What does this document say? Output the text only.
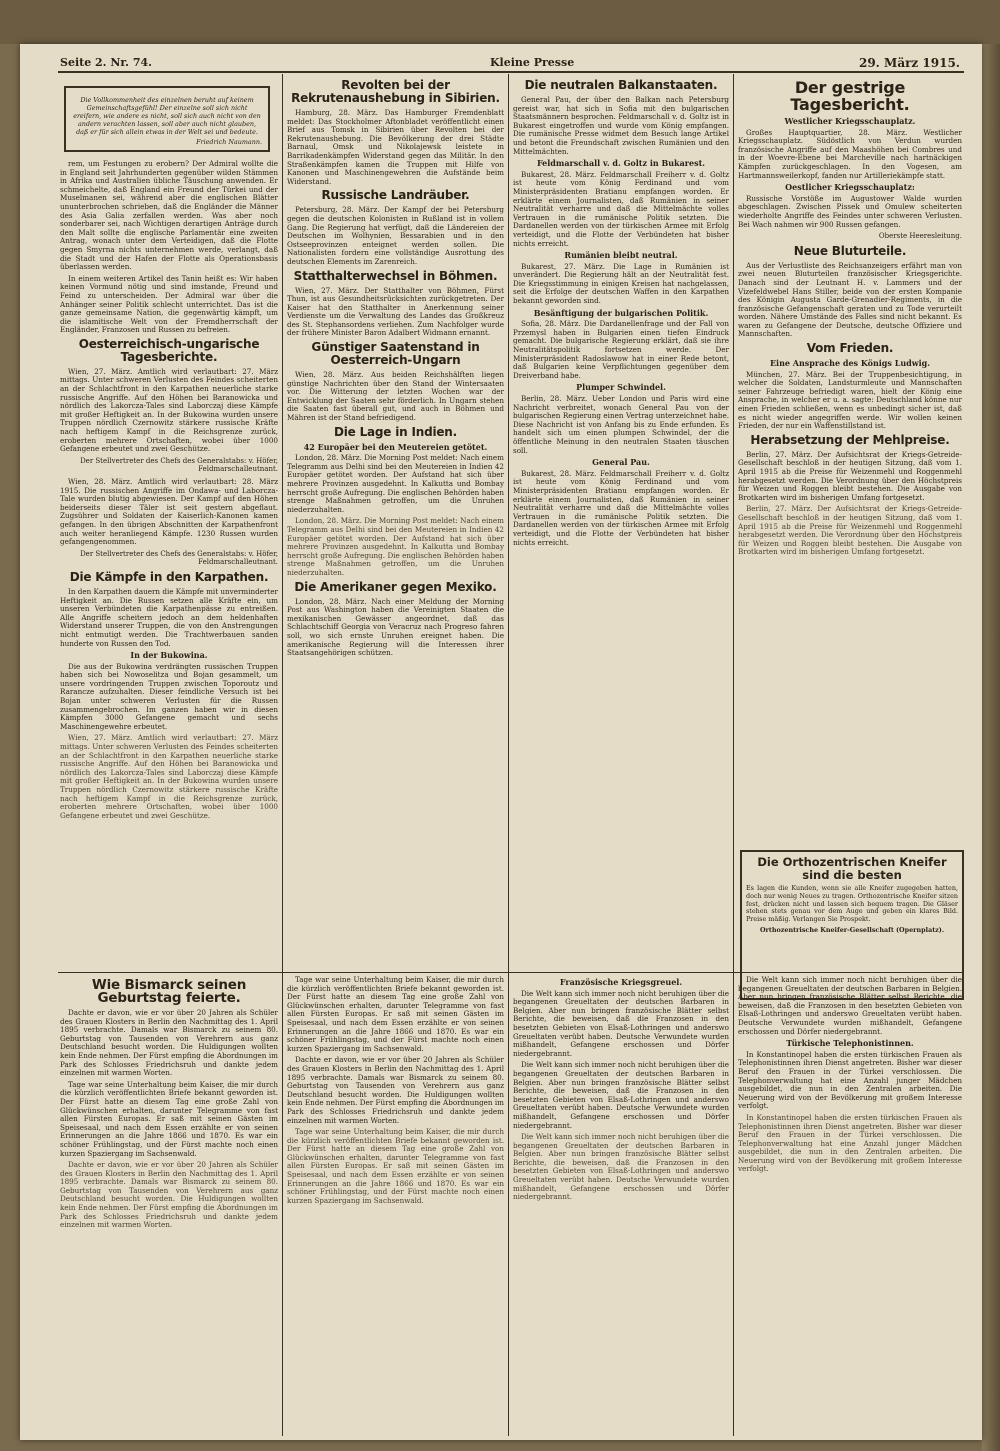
Seite 2. Nr. 74.	Kleine Presse	29. März 1915.
Die Vollkommenheit des einzelnen beruht auf keinem Gemeinschaftsgefühl! Der einzelne soll sich nicht ereifern, wie andere es nicht, soll sich auch nicht von den andern verachten lassen, soll aber auch nicht glauben, daß er für sich allein etwas in der Welt sei und bedeute.
Friedrich Naumann.

rem, um Festungen zu erobern? Der Admiral wollte die in England seit Jahrhunderten gegenüber wilden Stämmen in Afrika und Australien übliche Täuschung anwenden. Er schmeichelte, daß England ein Freund der Türkei und der Muselmanen sei, während aber die englischen Blätter ununterbrochen schrieben, daß die Engländer die Männer des Asia Galia zerfallen werden. Was aber noch sonderbarer sei, nach Wichtigen derartigen Anträge durch den Malt sollte die englische Parlamentär eine zweiten Antrag, wonach unter dem Verteidigen, daß die Flotte gegen Smyrna nichts unternehmen werde, verlangt, daß die Stadt und der Hafen der Flotte als Operationsbasis überlassen werden.

In einem weiteren Artikel des Tanin heißt es: Wir haben keinen Vormund nötig und sind imstande, Freund und Feind zu unterscheiden. Der Admiral war über die Anhänger seiner Politik schlecht unterrichtet. Das ist die ganze gemeinsame Nation, die gegenwärtig kämpft, um die islamitische Welt von der Fremdherrschaft der Engländer, Franzosen und Russen zu befreien.

Oesterreichisch-ungarische Tagesberichte.

Wien, 27. März. Amtlich wird verlautbart: 27. März mittags. Unter schweren Verlusten des Feindes scheiterten an der Schlachtfront in den Karpathen neuerliche starke russische Angriffe. Auf den Höhen bei Baranowicka und nördlich des Lakorcza-Tales sind Laborczaj diese Kämpfe mit großer Heftigkeit an. In der Bukowina wurden unsere Truppen nördlich Czernowitz stärkere russische Kräfte nach heftigem Kampf in die Reichsgrenze zurück, eroberten mehrere Ortschaften, wobei über 1000 Gefangene erbeutet und zwei Geschütze.

Der Stellvertreter des Chefs des Generalstabs: v. Höfer, Feldmarschalleutnant.

Wien, 28. März. Amtlich wird verlautbart: 28. März 1915. Die russischen Angriffe im Ondawa- und Laborcza-Tale wurden blutig abgewiesen. Der Kampf auf den Höhen beiderseits dieser Täler ist seit gestern abgeflaut. Zugsührer und Soldaten der Kaiserlich-Kanonen kamen gefangen. In den übrigen Abschnitten der Karpathenfront auch weiter heranliegend Kämpfe. 1230 Russen wurden gefangengenommen.

Der Stellvertreter des Chefs des Generalstabs: v. Höfer, Feldmarschalleutnant.
Die Kämpfe in den Karpathen.

In den Karpathen dauern die Kämpfe mit unverminderter Heftigkeit an. Die Russen setzen alle Kräfte ein, um unseren Verbündeten die Karpathenpässe zu entreißen. Alle Angriffe scheitern jedoch an dem heldenhaften Widerstand unserer Truppen, die von den Anstrengungen nicht entmutigt werden. Die Trachtwerbauen sanden hunderte von Russen den Tod.

In der Bukowina.

Die aus der Bukowina verdrängten russischen Truppen haben sich bei Nowoselitza und Bojan gesammelt, um unsere vordringenden Truppen zwischen Toporoutz und Rarancze aufzuhalten. Dieser feindliche Versuch ist bei Bojan unter schweren Verlusten für die Russen zusammengebrochen. Im ganzen haben wir in diesen Kämpfen 3000 Gefangene gemacht und sechs Maschinengewehre erbeutet.

Wien, 27. März. Amtlich wird verlautbart: 27. März mittags. Unter schweren Verlusten des Feindes scheiterten an der Schlachtfront in den Karpathen neuerliche starke russische Angriffe. Auf den Höhen bei Baranowicka und nördlich des Lakorcza-Tales sind Laborczaj diese Kämpfe mit großer Heftigkeit an. In der Bukowina wurden unsere Truppen nördlich Czernowitz stärkere russische Kräfte nach heftigem Kampf in die Reichsgrenze zurück, eroberten mehrere Ortschaften, wobei über 1000 Gefangene erbeutet und zwei Geschütze.

Revolten bei der Rekrutenaushebung in Sibirien.

Hamburg, 28. März. Das Hamburger Fremdenblatt meldet: Das Stockholmer Aftonbladet veröffentlicht einen Brief aus Tomsk in Sibirien über Revolten bei der Rekrutenaushebung. Die Bevölkerung der drei Städte Barnaul, Omsk und Nikolajewsk leistete in Barrikadenkämpfen Widerstand gegen das Militär. In den Straßenkämpfen kamen die Truppen mit Hilfe von Kanonen und Maschinengewehren die Aufstände beim Widerstand.

Russische Landräuber.

Petersburg, 28. März. Der Kampf der bei Petersburg gegen die deutschen Kolonisten in Rußland ist in vollem Gang. Die Regierung hat verfügt, daß die Ländereien der Deutschen im Wolhynien, Bessarabien und in den Ostseeprovinzen enteignet werden sollen. Die Nationalisten fordern eine vollständige Ausrottung des deutschen Elements im Zarenreich.

Statthalterwechsel in Böhmen.

Wien, 27. März. Der Statthalter von Böhmen, Fürst Thun, ist aus Gesundheitsrücksichten zurückgetreten. Der Kaiser hat den Statthalter in Anerkennung seiner Verdienste um die Verwaltung des Landes das Großkreuz des St. Stephansordens verliehen. Zum Nachfolger wurde der frühere Minister Baron Adalbert Widmann ernannt.

Günstiger Saatenstand in Oesterreich-Ungarn

Wien, 28. März. Aus beiden Reichshälften liegen günstige Nachrichten über den Stand der Wintersaaten vor. Die Witterung der letzten Wochen war der Entwicklung der Saaten sehr förderlich. In Ungarn stehen die Saaten fast überall gut, und auch in Böhmen und Mähren ist der Stand befriedigend.

Die Lage in Indien.
42 Europäer bei den Meutereien getötet.

London, 28. März. Die Morning Post meldet: Nach einem Telegramm aus Delhi sind bei den Meutereien in Indien 42 Europäer getötet worden. Der Aufstand hat sich über mehrere Provinzen ausgedehnt. In Kalkutta und Bombay herrscht große Aufregung. Die englischen Behörden haben strenge Maßnahmen getroffen, um die Unruhen niederzuhalten.

London, 28. März. Die Morning Post meldet: Nach einem Telegramm aus Delhi sind bei den Meutereien in Indien 42 Europäer getötet worden. Der Aufstand hat sich über mehrere Provinzen ausgedehnt. In Kalkutta und Bombay herrscht große Aufregung. Die englischen Behörden haben strenge Maßnahmen getroffen, um die Unruhen niederzuhalten.

Die Amerikaner gegen Mexiko.

London, 28. März. Nach einer Meldung der Morning Post aus Washington haben die Vereinigten Staaten die mexikanischen Gewässer angeordnet, daß das Schlachtschiff Georgia von Veracruz nach Progreso fahren soll, wo sich ernste Unruhen ereignet haben. Die amerikanische Regierung will die Interessen ihrer Staatsangehörigen schützen.

Die neutralen Balkanstaaten.

General Pau, der über den Balkan nach Petersburg gereist war, hat sich in Sofia mit den bulgarischen Staatsmännern besprochen. Feldmarschall v. d. Goltz ist in Bukarest eingetroffen und wurde vom König empfangen. Die rumänische Presse widmet dem Besuch lange Artikel und betont die Freundschaft zwischen Rumänien und den Mittelmächten.

Feldmarschall v. d. Goltz in Bukarest.

Bukarest, 28. März. Feldmarschall Freiherr v. d. Goltz ist heute vom König Ferdinand und vom Ministerpräsidenten Bratianu empfangen worden. Er erklärte einem Journalisten, daß Rumänien in seiner Neutralität verharre und daß die Mittelmächte volles Vertrauen in die rumänische Politik setzten. Die Dardanellen werden von der türkischen Armee mit Erfolg verteidigt, und die Flotte der Verbündeten hat bisher nichts erreicht.

Rumänien bleibt neutral.

Bukarest, 27. März. Die Lage in Rumänien ist unverändert. Die Regierung hält an der Neutralität fest. Die Kriegsstimmung in einigen Kreisen hat nachgelassen, seit die Erfolge der deutschen Waffen in den Karpathen bekannt geworden sind.

Besänftigung der bulgarischen Politik.

Sofia, 28. März. Die Dardanellenfrage und der Fall von Przemysl haben in Bulgarien einen tiefen Eindruck gemacht. Die bulgarische Regierung erklärt, daß sie ihre Neutralitätspolitik fortsetzen werde. Der Ministerpräsident Radoslawow hat in einer Rede betont, daß Bulgarien keine Verpflichtungen gegenüber dem Dreiverband habe.

Plumper Schwindel.

Berlin, 28. März. Ueber London und Paris wird eine Nachricht verbreitet, wonach General Pau von der bulgarischen Regierung einen Vertrag unterzeichnet habe. Diese Nachricht ist von Anfang bis zu Ende erfunden. Es handelt sich um einen plumpen Schwindel, der die öffentliche Meinung in den neutralen Staaten täuschen soll.

General Pau.

Bukarest, 28. März. Feldmarschall Freiherr v. d. Goltz ist heute vom König Ferdinand und vom Ministerpräsidenten Bratianu empfangen worden. Er erklärte einem Journalisten, daß Rumänien in seiner Neutralität verharre und daß die Mittelmächte volles Vertrauen in die rumänische Politik setzten. Die Dardanellen werden von der türkischen Armee mit Erfolg verteidigt, und die Flotte der Verbündeten hat bisher nichts erreicht.

Der gestrige Tagesbericht.
Westlicher Kriegsschauplatz.

Großes Hauptquartier, 28. März. Westlicher Kriegsschauplatz. Südöstlich von Verdun wurden französische Angriffe auf den Maashöhen bei Combres und in der Woevre-Ebene bei Marcheville nach hartnäckigen Kämpfen zurückgeschlagen. In den Vogesen, am Hartmannsweilerkopf, fanden nur Artilleriekämpfe statt.

Oestlicher Kriegsschauplatz:

Russische Vorstöße im Augustower Walde wurden abgeschlagen. Zwischen Pissek und Omulew scheiterten wiederholte Angriffe des Feindes unter schweren Verlusten. Bei Wach nahmen wir 900 Russen gefangen.

Oberste Heeresleitung.
Neue Bluturteile.

Aus der Verlustliste des Reichsanzeigers erfährt man von zwei neuen Bluturteilen französischer Kriegsgerichte. Danach sind der Leutnant H. v. Lammers und der Vizefeldwebel Hans Stiller, beide von der ersten Kompanie des Königin Augusta Garde-Grenadier-Regiments, in die französische Gefangenschaft geraten und zu Tode verurteilt worden. Nähere Umstände des Falles sind nicht bekannt. Es waren zu Gefangene der Deutsche, deutsche Offiziere und Mannschaften.

Vom Frieden.
Eine Ansprache des Königs Ludwig.

München, 27. März. Bei der Truppenbesichtigung, in welcher die Soldaten, Landsturmleute und Mannschaften seiner Fahrzeuge befriedigt waren, hielt der König eine Ansprache, in welcher er u. a. sagte: Deutschland könne nur einen Frieden schließen, wenn es unbedingt sicher ist, daß es nicht wieder angegriffen werde. Wir wollen keinen Frieden, der nur ein Waffenstillstand ist.

Herabsetzung der Mehlpreise.

Berlin, 27. März. Der Aufsichtsrat der Kriegs-Getreide-Gesellschaft beschloß in der heutigen Sitzung, daß vom 1. April 1915 ab die Preise für Weizenmehl und Roggenmehl herabgesetzt werden. Die Verordnung über den Höchstpreis für Weizen und Roggen bleibt bestehen. Die Ausgabe von Brotkarten wird im bisherigen Umfang fortgesetzt.

Berlin, 27. März. Der Aufsichtsrat der Kriegs-Getreide-Gesellschaft beschloß in der heutigen Sitzung, daß vom 1. April 1915 ab die Preise für Weizenmehl und Roggenmehl herabgesetzt werden. Die Verordnung über den Höchstpreis für Weizen und Roggen bleibt bestehen. Die Ausgabe von Brotkarten wird im bisherigen Umfang fortgesetzt.

Die Orthozentrischen Kneifer sind die besten
Es lagen die Kunden, wenn sie alle Kneifer zugegeben hatten, doch nur wenig Neues zu tragen. Orthozentrische Kneifer sitzen fest, drücken nicht und lassen sich bequem tragen. Die Gläser stehen stets genau vor dem Auge und geben ein klares Bild. Preise mäßig. Verlangen Sie Prospekt.
Orthozentrische Kneifer-Gesellschaft (Opernplatz).
Wie Bismarck seinen Geburtstag feierte.

Dachte er davon, wie er vor über 20 Jahren als Schüler des Grauen Klosters in Berlin den Nachmittag des 1. April 1895 verbrachte. Damals war Bismarck zu seinem 80. Geburtstag von Tausenden von Verehrern aus ganz Deutschland besucht worden. Die Huldigungen wollten kein Ende nehmen. Der Fürst empfing die Abordnungen im Park des Schlosses Friedrichsruh und dankte jedem einzelnen mit warmen Worten.

Tage war seine Unterhaltung beim Kaiser, die mir durch die kürzlich veröffentlichten Briefe bekannt geworden ist. Der Fürst hatte an diesem Tag eine große Zahl von Glückwünschen erhalten, darunter Telegramme von fast allen Fürsten Europas. Er saß mit seinen Gästen im Speisesaal, und nach dem Essen erzählte er von seinen Erinnerungen an die Jahre 1866 und 1870. Es war ein schöner Frühlingstag, und der Fürst machte noch einen kurzen Spaziergang im Sachsenwald.

Dachte er davon, wie er vor über 20 Jahren als Schüler des Grauen Klosters in Berlin den Nachmittag des 1. April 1895 verbrachte. Damals war Bismarck zu seinem 80. Geburtstag von Tausenden von Verehrern aus ganz Deutschland besucht worden. Die Huldigungen wollten kein Ende nehmen. Der Fürst empfing die Abordnungen im Park des Schlosses Friedrichsruh und dankte jedem einzelnen mit warmen Worten.

Tage war seine Unterhaltung beim Kaiser, die mir durch die kürzlich veröffentlichten Briefe bekannt geworden ist. Der Fürst hatte an diesem Tag eine große Zahl von Glückwünschen erhalten, darunter Telegramme von fast allen Fürsten Europas. Er saß mit seinen Gästen im Speisesaal, und nach dem Essen erzählte er von seinen Erinnerungen an die Jahre 1866 und 1870. Es war ein schöner Frühlingstag, und der Fürst machte noch einen kurzen Spaziergang im Sachsenwald.

Dachte er davon, wie er vor über 20 Jahren als Schüler des Grauen Klosters in Berlin den Nachmittag des 1. April 1895 verbrachte. Damals war Bismarck zu seinem 80. Geburtstag von Tausenden von Verehrern aus ganz Deutschland besucht worden. Die Huldigungen wollten kein Ende nehmen. Der Fürst empfing die Abordnungen im Park des Schlosses Friedrichsruh und dankte jedem einzelnen mit warmen Worten.

Tage war seine Unterhaltung beim Kaiser, die mir durch die kürzlich veröffentlichten Briefe bekannt geworden ist. Der Fürst hatte an diesem Tag eine große Zahl von Glückwünschen erhalten, darunter Telegramme von fast allen Fürsten Europas. Er saß mit seinen Gästen im Speisesaal, und nach dem Essen erzählte er von seinen Erinnerungen an die Jahre 1866 und 1870. Es war ein schöner Frühlingstag, und der Fürst machte noch einen kurzen Spaziergang im Sachsenwald.

Französische Kriegsgreuel.

Die Welt kann sich immer noch nicht beruhigen über die begangenen Greueltaten der deutschen Barbaren in Belgien. Aber nun bringen französische Blätter selbst Berichte, die beweisen, daß die Franzosen in den besetzten Gebieten von Elsaß-Lothringen und anderswo Greueltaten verübt haben. Deutsche Verwundete wurden mißhandelt, Gefangene erschossen und Dörfer niedergebrannt.

Die Welt kann sich immer noch nicht beruhigen über die begangenen Greueltaten der deutschen Barbaren in Belgien. Aber nun bringen französische Blätter selbst Berichte, die beweisen, daß die Franzosen in den besetzten Gebieten von Elsaß-Lothringen und anderswo Greueltaten verübt haben. Deutsche Verwundete wurden mißhandelt, Gefangene erschossen und Dörfer niedergebrannt.

Die Welt kann sich immer noch nicht beruhigen über die begangenen Greueltaten der deutschen Barbaren in Belgien. Aber nun bringen französische Blätter selbst Berichte, die beweisen, daß die Franzosen in den besetzten Gebieten von Elsaß-Lothringen und anderswo Greueltaten verübt haben. Deutsche Verwundete wurden mißhandelt, Gefangene erschossen und Dörfer niedergebrannt.

Die Welt kann sich immer noch nicht beruhigen über die begangenen Greueltaten der deutschen Barbaren in Belgien. Aber nun bringen französische Blätter selbst Berichte, die beweisen, daß die Franzosen in den besetzten Gebieten von Elsaß-Lothringen und anderswo Greueltaten verübt haben. Deutsche Verwundete wurden mißhandelt, Gefangene erschossen und Dörfer niedergebrannt.

Türkische Telephonistinnen.

In Konstantinopel haben die ersten türkischen Frauen als Telephonistinnen ihren Dienst angetreten. Bisher war dieser Beruf den Frauen in der Türkei verschlossen. Die Telephonverwaltung hat eine Anzahl junger Mädchen ausgebildet, die nun in den Zentralen arbeiten. Die Neuerung wird von der Bevölkerung mit großem Interesse verfolgt.

In Konstantinopel haben die ersten türkischen Frauen als Telephonistinnen ihren Dienst angetreten. Bisher war dieser Beruf den Frauen in der Türkei verschlossen. Die Telephonverwaltung hat eine Anzahl junger Mädchen ausgebildet, die nun in den Zentralen arbeiten. Die Neuerung wird von der Bevölkerung mit großem Interesse verfolgt.
